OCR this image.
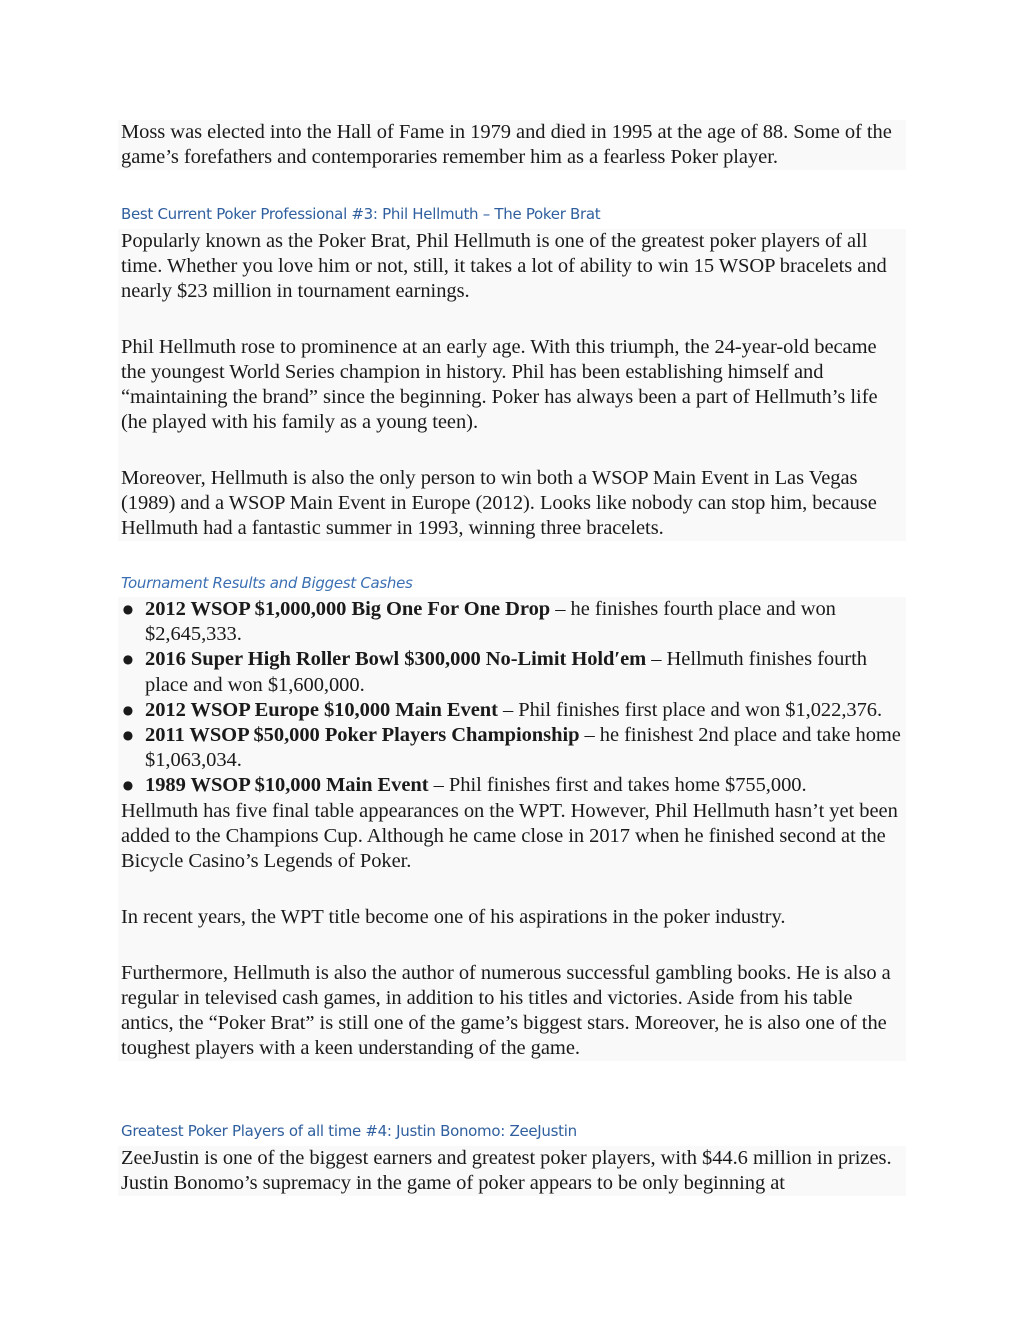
Moss was elected into the Hall of Fame in 1979 and died in 1995 at the age of 88. Some of the game’s forefathers and contemporaries remember him as a fearless Poker player.

Best Current Poker Professional #3: Phil Hellmuth – The Poker Brat

Popularly known as the Poker Brat, Phil Hellmuth is one of the greatest poker players of all time. Whether you love him or not, still, it takes a lot of ability to win 15 WSOP bracelets and nearly $23 million in tournament earnings.

Phil Hellmuth rose to prominence at an early age. With this triumph, the 24-year-old became the youngest World Series champion in history. Phil has been establishing himself and “maintaining the brand” since the beginning. Poker has always been a part of Hellmuth’s life (he played with his family as a young teen).

Moreover, Hellmuth is also the only person to win both a WSOP Main Event in Las Vegas (1989) and a WSOP Main Event in Europe (2012). Looks like nobody can stop him, because Hellmuth had a fantastic summer in 1993, winning three bracelets.

Tournament Results and Biggest Cashes
● 2012 WSOP $1,000,000 Big One For One Drop – he finishes fourth place and won $2,645,333.
● 2016 Super High Roller Bowl $300,000 No-Limit Hold′em – Hellmuth finishes fourth place and won $1,600,000.
● 2012 WSOP Europe $10,000 Main Event – Phil finishes first place and won $1,022,376.
● 2011 WSOP $50,000 Poker Players Championship – he finishest 2nd place and take home $1,063,034.
● 1989 WSOP $10,000 Main Event – Phil finishes first and takes home $755,000.

Hellmuth has five final table appearances on the WPT. However, Phil Hellmuth hasn’t yet been added to the Champions Cup. Although he came close in 2017 when he finished second at the Bicycle Casino’s Legends of Poker.

In recent years, the WPT title become one of his aspirations in the poker industry.

Furthermore, Hellmuth is also the author of numerous successful gambling books. He is also a regular in televised cash games, in addition to his titles and victories. Aside from his table antics, the “Poker Brat” is still one of the game’s biggest stars. Moreover, he is also one of the toughest players with a keen understanding of the game.

Greatest Poker Players of all time #4: Justin Bonomo: ZeeJustin

ZeeJustin is one of the biggest earners and greatest poker players, with $44.6 million in prizes. Justin Bonomo’s supremacy in the game of poker appears to be only beginning at
